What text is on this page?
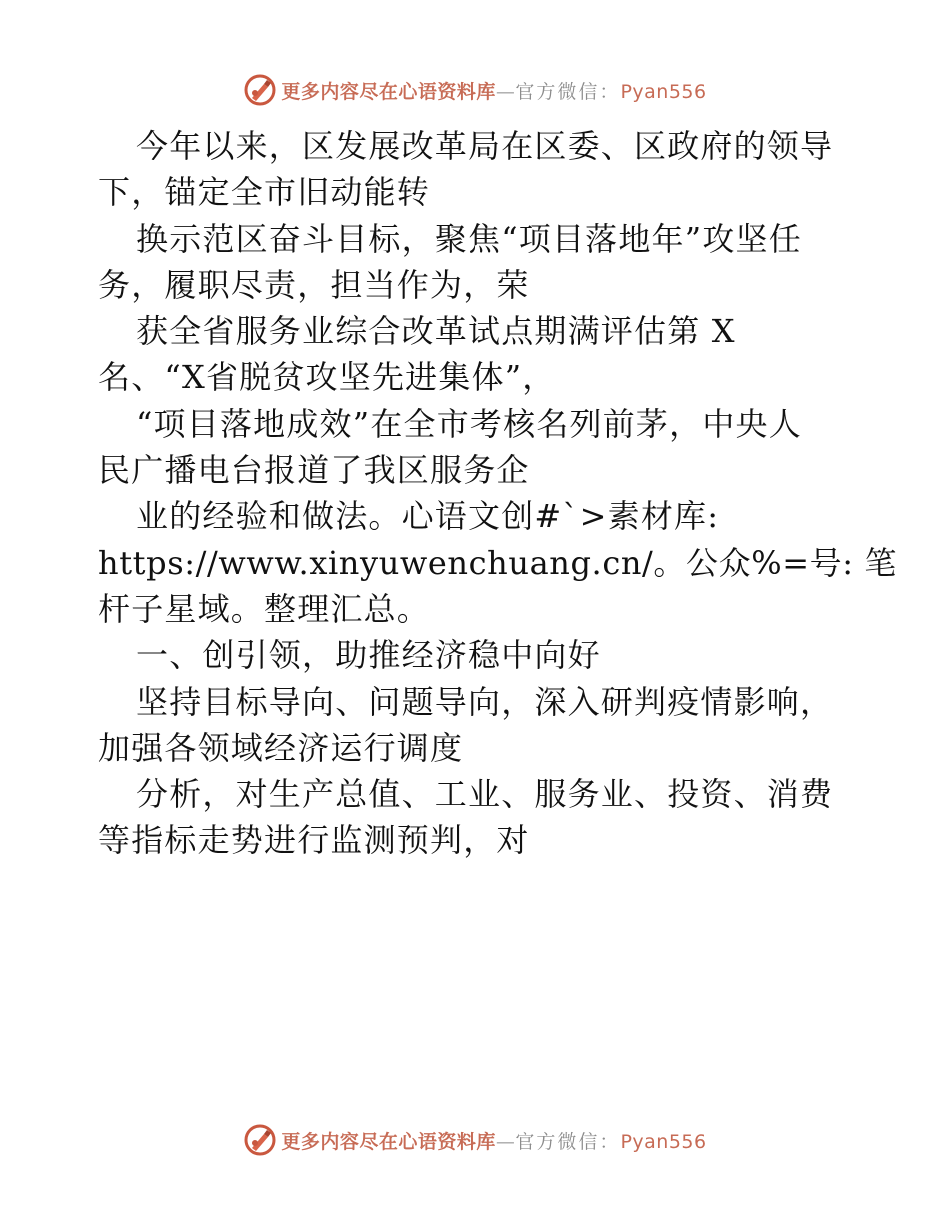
更多内容尽在心语资料库—官方微信：Pyan556
今年以来，区发展改革局在区委、区政府的领导
下，锚定全市旧动能转
换示范区奋斗目标，聚焦“项目落地年”攻坚任
务，履职尽责，担当作为，荣
获全省服务业综合改革试点期满评估第 X
名、“X省脱贫攻坚先进集体”，
“项目落地成效”在全市考核名列前茅，中央人
民广播电台报道了我区服务企
业的经验和做法。心语文创#`>素材库:
https://www.xinyuwenchuang.cn/。公众%=号: 笔
杆子星域。整理汇总。
一、创引领，助推经济稳中向好
坚持目标导向、问题导向，深入研判疫情影响，
加强各领域经济运行调度
分析，对生产总值、工业、服务业、投资、消费
等指标走势进行监测预判，对
更多内容尽在心语资料库—官方微信：Pyan556
